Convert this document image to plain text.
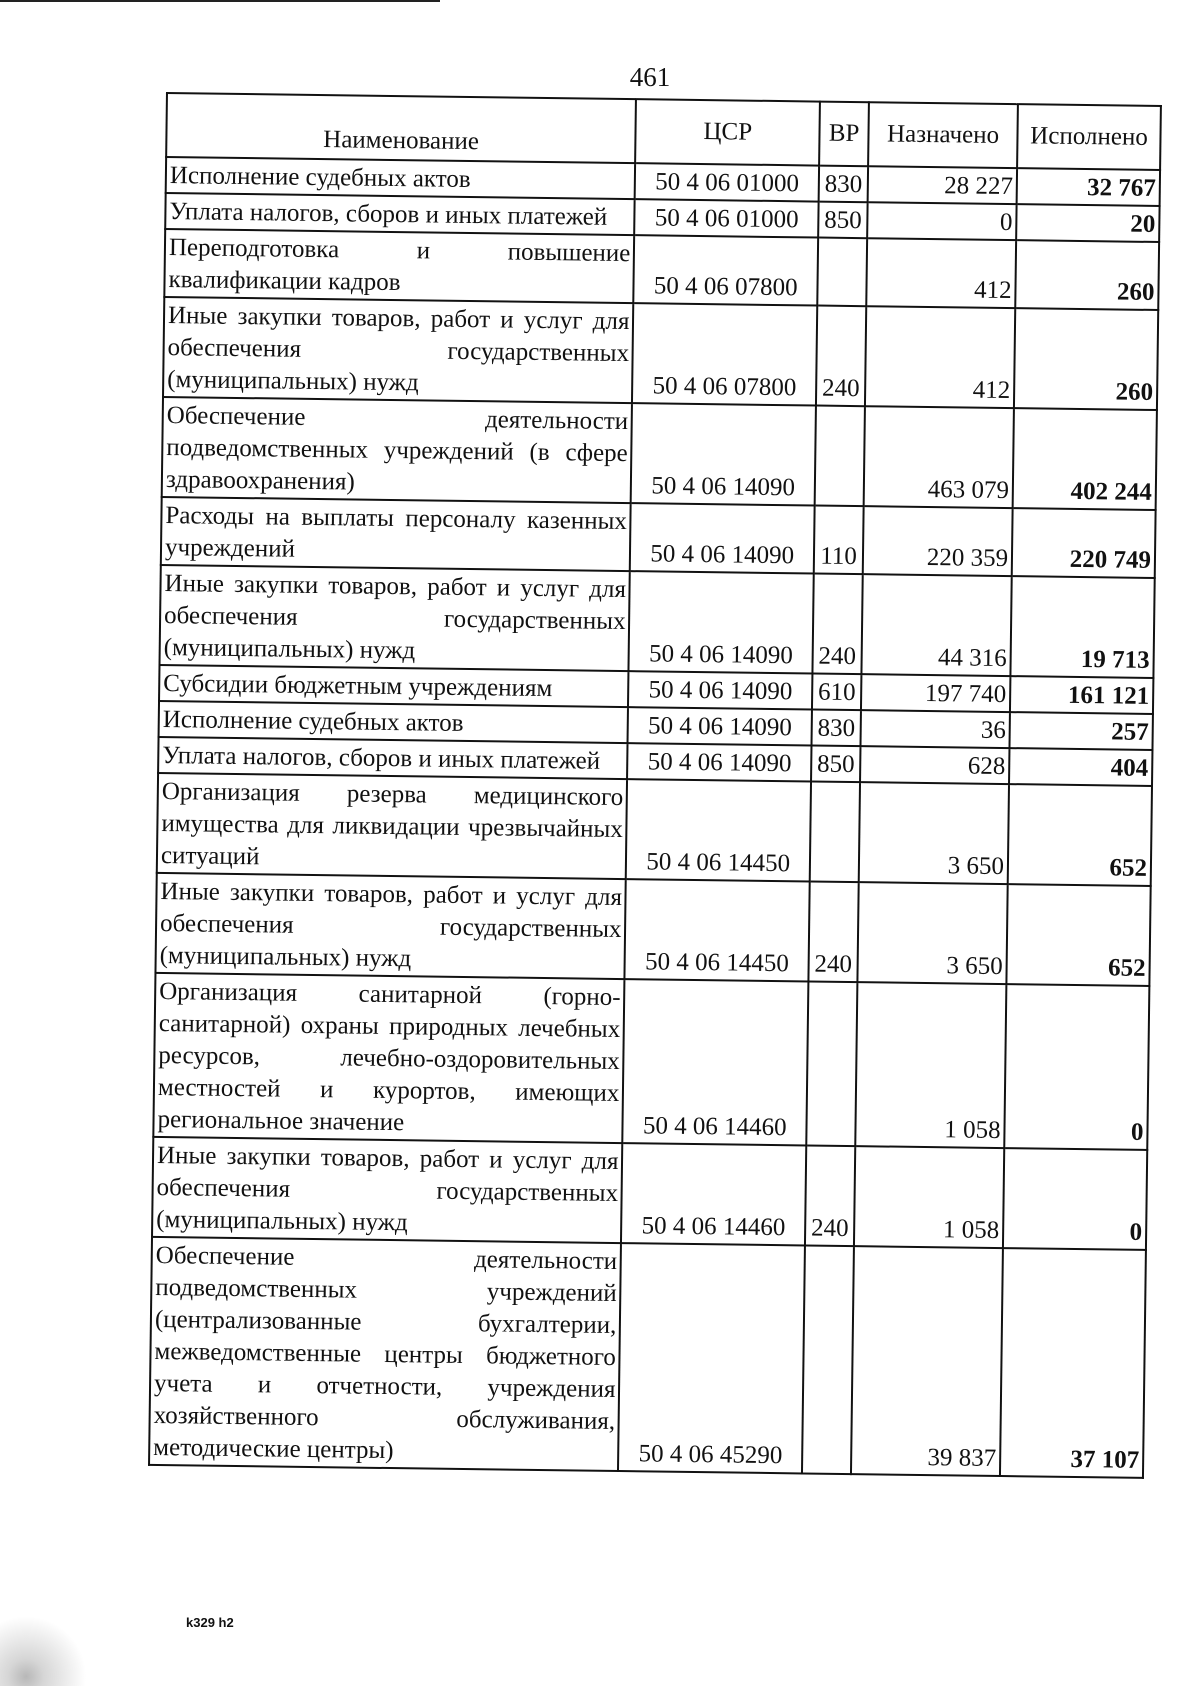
461
Наименование	ЦСР	ВР	Назначено	Исполнено
Исполнение судебных актов	50 4 06 01000	830	28 227	32 767
Уплата налогов, сборов и иных платежей	50 4 06 01000	850	0	20
Переподготовка и повышение квалификации кадров	50 4 06 07800		412	260
Иные закупки товаров, работ и услуг для обеспечения государственных (муниципальных) нужд	50 4 06 07800	240	412	260
Обеспечение деятельности подведомственных учреждений (в сфере здравоохранения)	50 4 06 14090		463 079	402 244
Расходы на выплаты персоналу казенных учреждений	50 4 06 14090	110	220 359	220 749
Иные закупки товаров, работ и услуг для обеспечения государственных (муниципальных) нужд	50 4 06 14090	240	44 316	19 713
Субсидии бюджетным учреждениям	50 4 06 14090	610	197 740	161 121
Исполнение судебных актов	50 4 06 14090	830	36	257
Уплата налогов, сборов и иных платежей	50 4 06 14090	850	628	404
Организация резерва медицинского имущества для ликвидации чрезвычайных ситуаций	50 4 06 14450		3 650	652
Иные закупки товаров, работ и услуг для обеспечения государственных (муниципальных) нужд	50 4 06 14450	240	3 650	652
Организация санитарной (горно-санитарной) охраны природных лечебных ресурсов, лечебно-оздоровительных местностей и курортов, имеющих региональное значение	50 4 06 14460		1 058	0
Иные закупки товаров, работ и услуг для обеспечения государственных (муниципальных) нужд	50 4 06 14460	240	1 058	0
Обеспечение деятельности подведомственных учреждений (централизованные бухгалтерии, межведомственные центры бюджетного учета и отчетности, учреждения хозяйственного обслуживания, методические центры)	50 4 06 45290		39 837	37 107
k329 h2
